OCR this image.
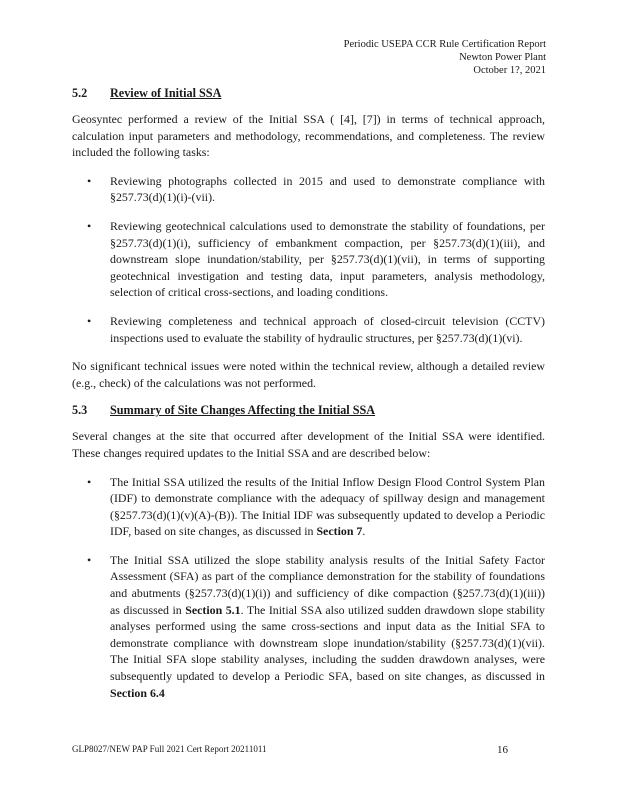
Periodic USEPA CCR Rule Certification Report
Newton Power Plant
October 1?, 2021
5.2	Review of Initial SSA

Geosyntec performed a review of the Initial SSA ( [4], [7]) in terms of technical approach, calculation input parameters and methodology, recommendations, and completeness. The review included the following tasks:

• Reviewing photographs collected in 2015 and used to demonstrate compliance with §257.73(d)(1)(i)-(vii).
• Reviewing geotechnical calculations used to demonstrate the stability of foundations, per §257.73(d)(1)(i), sufficiency of embankment compaction, per §257.73(d)(1)(iii), and downstream slope inundation/stability, per §257.73(d)(1)(vii), in terms of supporting geotechnical investigation and testing data, input parameters, analysis methodology, selection of critical cross-sections, and loading conditions.
• Reviewing completeness and technical approach of closed-circuit television (CCTV) inspections used to evaluate the stability of hydraulic structures, per §257.73(d)(1)(vi).

No significant technical issues were noted within the technical review, although a detailed review (e.g., check) of the calculations was not performed.

5.3	Summary of Site Changes Affecting the Initial SSA

Several changes at the site that occurred after development of the Initial SSA were identified. These changes required updates to the Initial SSA and are described below:

• The Initial SSA utilized the results of the Initial Inflow Design Flood Control System Plan (IDF) to demonstrate compliance with the adequacy of spillway design and management (§257.73(d)(1)(v)(A)-(B)). The Initial IDF was subsequently updated to develop a Periodic IDF, based on site changes, as discussed in Section 7.
• The Initial SSA utilized the slope stability analysis results of the Initial Safety Factor Assessment (SFA) as part of the compliance demonstration for the stability of foundations and abutments (§257.73(d)(1)(i)) and sufficiency of dike compaction (§257.73(d)(1)(iii)) as discussed in Section 5.1. The Initial SSA also utilized sudden drawdown slope stability analyses performed using the same cross-sections and input data as the Initial SFA to demonstrate compliance with downstream slope inundation/stability (§257.73(d)(1)(vii). The Initial SFA slope stability analyses, including the sudden drawdown analyses, were subsequently updated to develop a Periodic SFA, based on site changes, as discussed in Section 6.4
GLP8027/NEW PAP Full 2021 Cert Report 20211011	16
